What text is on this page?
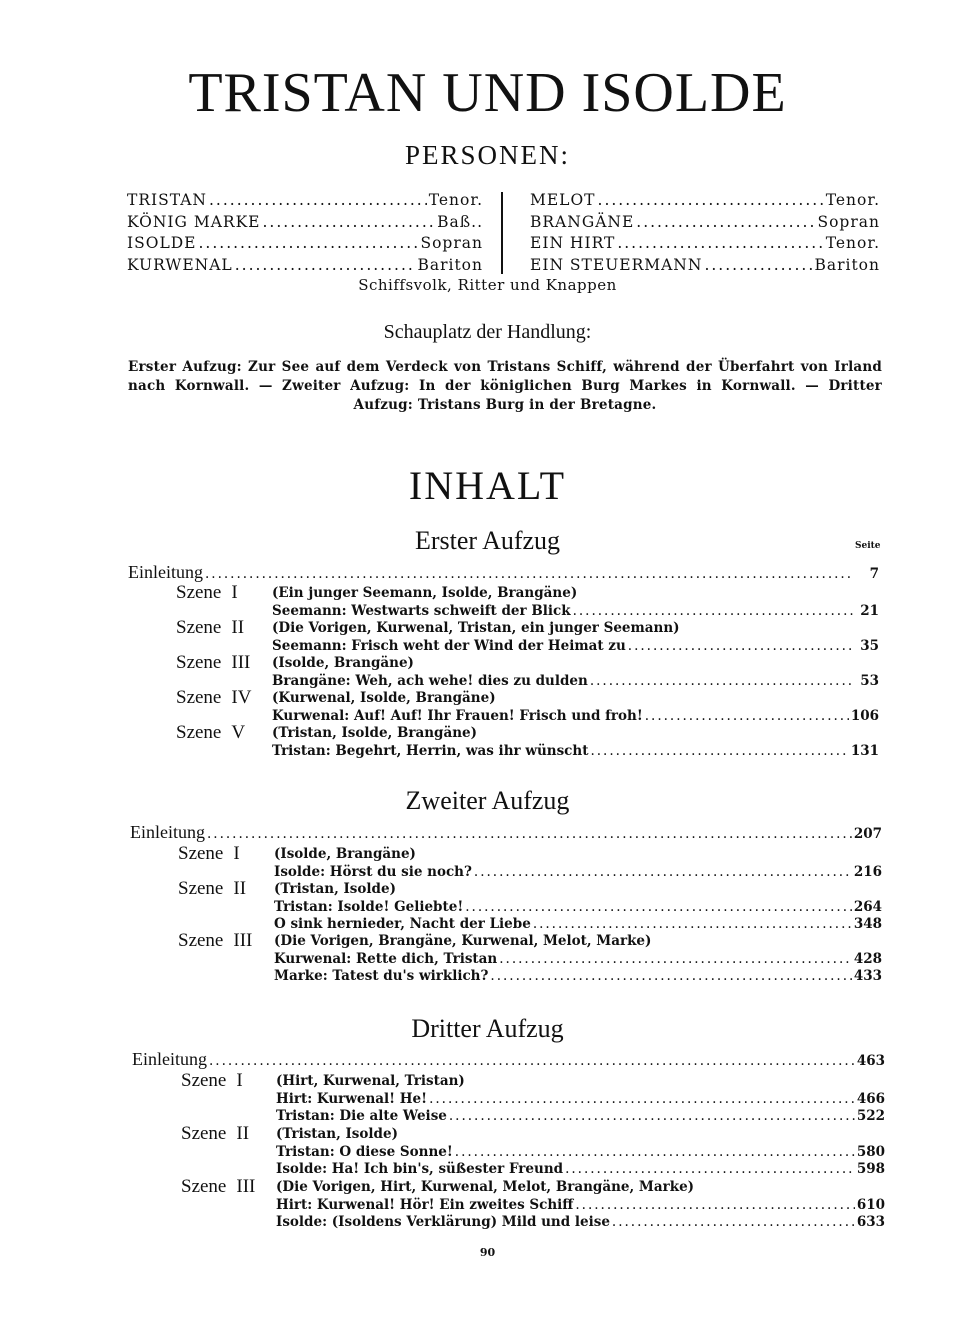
TRISTAN UND ISOLDE
PERSONEN:
TRISTAN .....	Tenor.
KÖNIG MARKE .....	Baß..
ISOLDE .....	Sopran
KURWENAL .....	Bariton
MELOT .....	Tenor.
BRANGÄNE .....	Sopran
EIN HIRT .....	Tenor.
EIN STEUERMANN .....	Bariton
Schiffsvolk, Ritter und Knappen
Schauplatz der Handlung:
Erster Aufzug: Zur See auf dem Verdeck von Tristans Schiff, während der Überfahrt von Irland nach Kornwall. — Zweiter Aufzug: In der königlichen Burg Markes in Kornwall. — Dritter Aufzug: Tristans Burg in der Bretagne.
INHALT
Seite
Erster Aufzug
Einleitung .....	7
Szene I	(Ein junger Seemann, Isolde, Brangäne)
Seemann: Westwarts schweift der Blick .....	21
Szene II (Die Vorigen, Kurwenal, Tristan, ein junger Seemann)
Seemann: Frisch weht der Wind der Heimat zu .....	35
Szene III (Isolde, Brangäne)
Brangäne: Weh, ach wehe! dies zu dulden .....	53
Szene IV (Kurwenal, Isolde, Brangäne)
Kurwenal: Auf! Auf! Ihr Frauen! Frisch und froh! .....	106
Szene V (Tristan, Isolde, Brangäne)
Tristan: Begehrt, Herrin, was ihr wünscht .....	131
Zweiter Aufzug
Einleitung .....	207
Szene I	(Isolde, Brangäne)
Isolde: Hörst du sie noch? .....	216
Szene II (Tristan, Isolde)
Tristan: Isolde! Geliebte! .....	264
O sink hernieder, Nacht der Liebe .....	348
Szene III (Die Vorigen, Brangäne, Kurwenal, Melot, Marke)
Kurwenal: Rette dich, Tristan .....	428
Marke: Tatest du's wirklich? .....	433
Dritter Aufzug
Einleitung .....	463
Szene I (Hirt, Kurwenal, Tristan)
Hirt: Kurwenal! He! .....	466
Tristan: Die alte Weise .....	522
Szene II (Tristan, Isolde)
Tristan: O diese Sonne! .....	580
Isolde: Ha! Ich bin's, süßester Freund .....	598
Szene III (Die Vorigen, Hirt, Kurwenal, Melot, Brangäne, Marke)
Hirt: Kurwenal! Hör! Ein zweites Schiff .....	610
Isolde: (Isoldens Verklärung) Mild und leise .....	633
90
